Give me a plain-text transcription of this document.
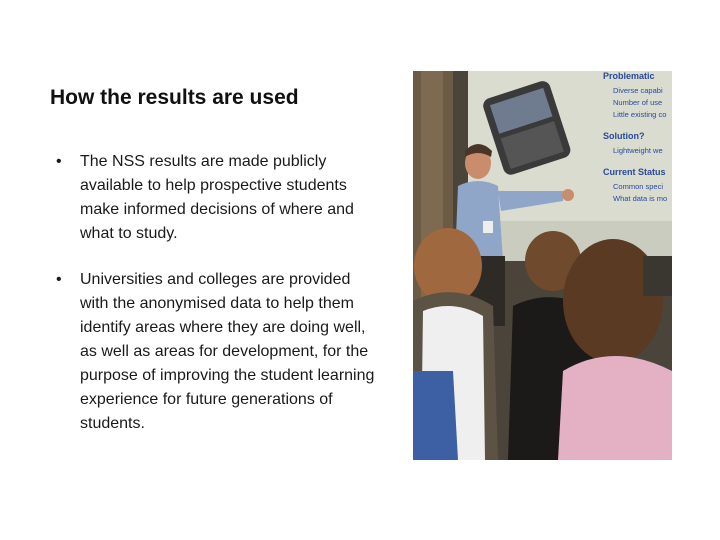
How the results are used
• The NSS results are made publicly available to help prospective students make informed decisions of where and what to study.
• Universities and colleges are provided with the anonymised data to help them identify areas where they are doing well, as well as areas for development, for the purpose of improving the student learning experience for future generations of students.
Problematic
Diverse capabi
Number of use
Little existing co
Solution?
Lightweight we
Current Status
Common speci
What data is mo
